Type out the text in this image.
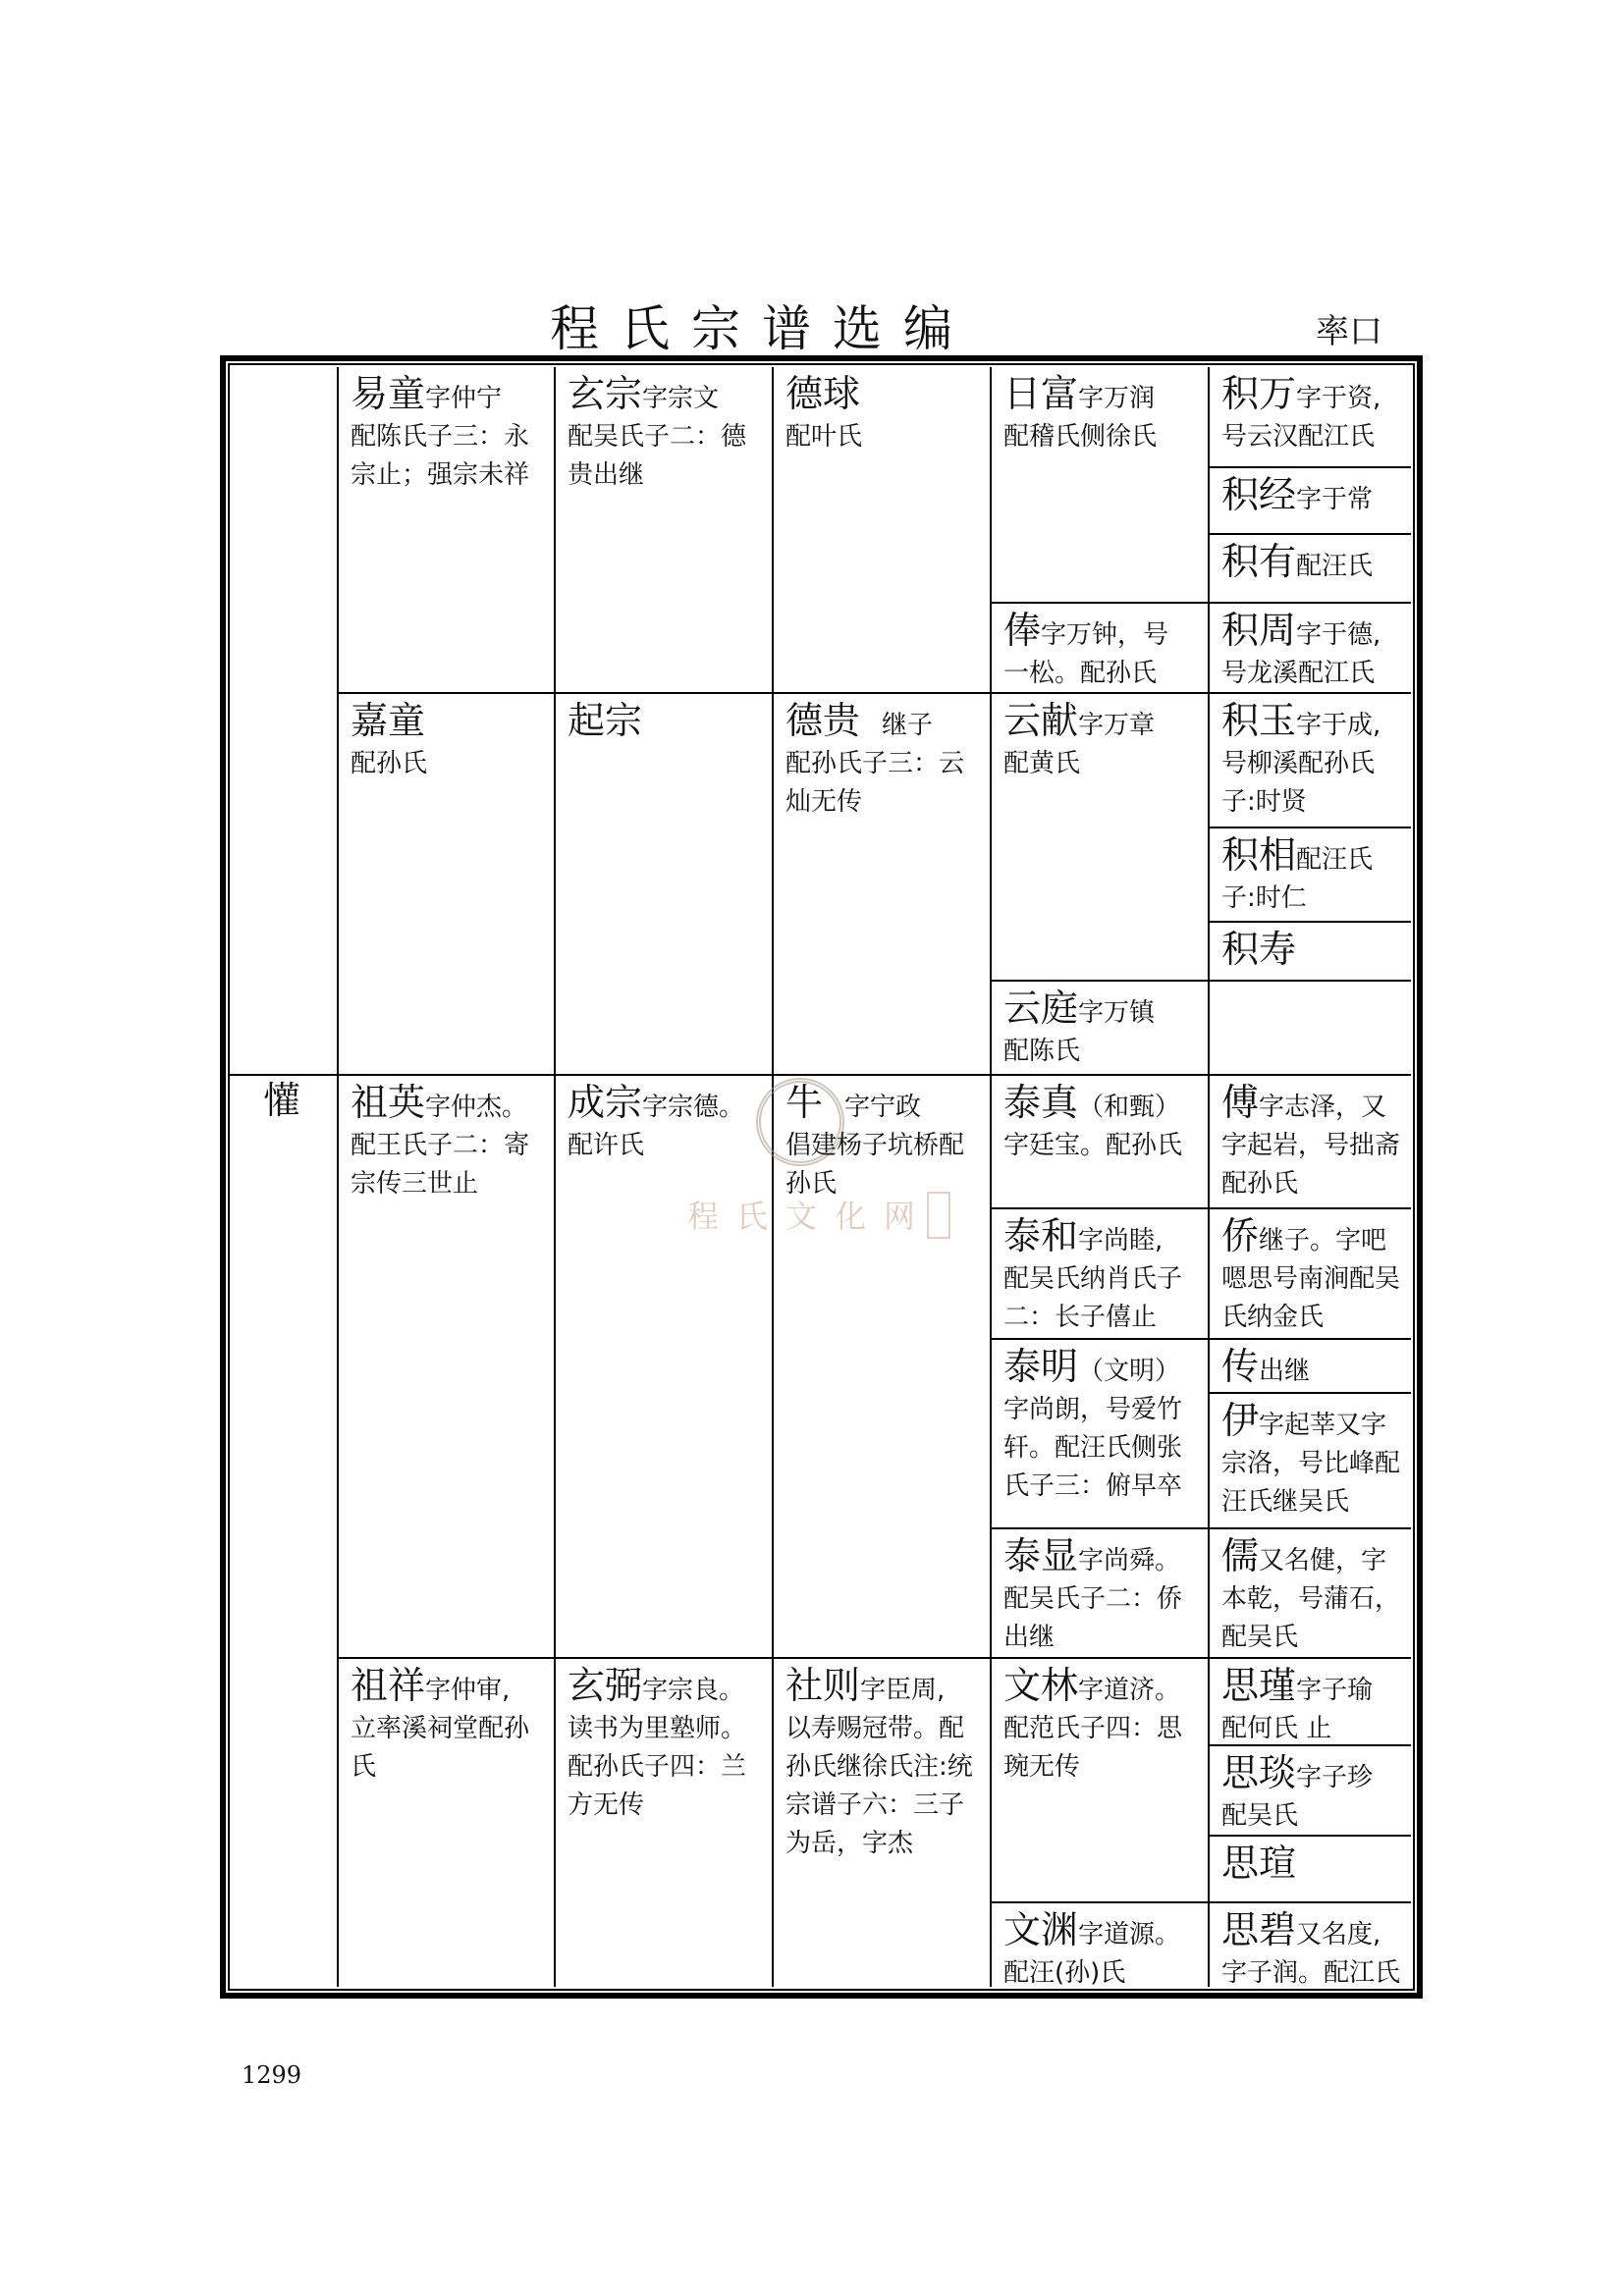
程氏宗谱选编	率口
懽
程氏文化网
易童字仲宁
配陈氏子三：永宗止；强宗未祥
玄宗字宗文
配吴氏子二：德贵出继
德球
配叶氏
日富字万润
配稽氏侧徐氏
积万字于资,
号云汉配江氏
积经字于常
积有配汪氏
俸字万钟，号
一松。配孙氏
积周字于德,
号龙溪配江氏
嘉童
配孙氏
起宗	德贵 继子
配孙氏子三：云灿无传
云献字万章
配黄氏
积玉字于成,
号柳溪配孙氏子:时贤
积相配汪氏
子:时仁
积寿
云庭字万镇
配陈氏
祖英字仲杰。
配王氏子二：寄宗传三世止
成宗字宗德。
配许氏
牛 字宁政
倡建杨子坑桥配孙氏
泰真（和甄）
字廷宝。配孙氏
傅字志泽，又
字起岩，号拙斋配孙氏
泰和字尚睦,
配吴氏纳肖氏子二：长子僖止
侨继子。字吧
嗯思号南涧配吴氏纳金氏
泰明（文明）
字尚朗，号爱竹轩。配汪氏侧张氏子三：俯早卒
传出继
伊字起莘又字
宗洛，号比峰配汪氏继吴氏
泰显字尚舜。
配吴氏子二：侨出继
儒又名健，字
本乾，号蒲石，配吴氏
祖祥字仲审,
立率溪祠堂配孙氏
玄弼字宗良。
读书为里塾师。配孙氏子四：兰方无传
社则字臣周,
以寿赐冠带。配孙氏继徐氏注:统宗谱子六：三子为岳，字杰
文林字道济。
配范氏子四：思琬无传
思瑾字子瑜
配何氏 止
思琰字子珍
配吴氏
思瑄
文渊字道源。
配汪(孙)氏
思碧又名度,
字子润。配江氏
1299
